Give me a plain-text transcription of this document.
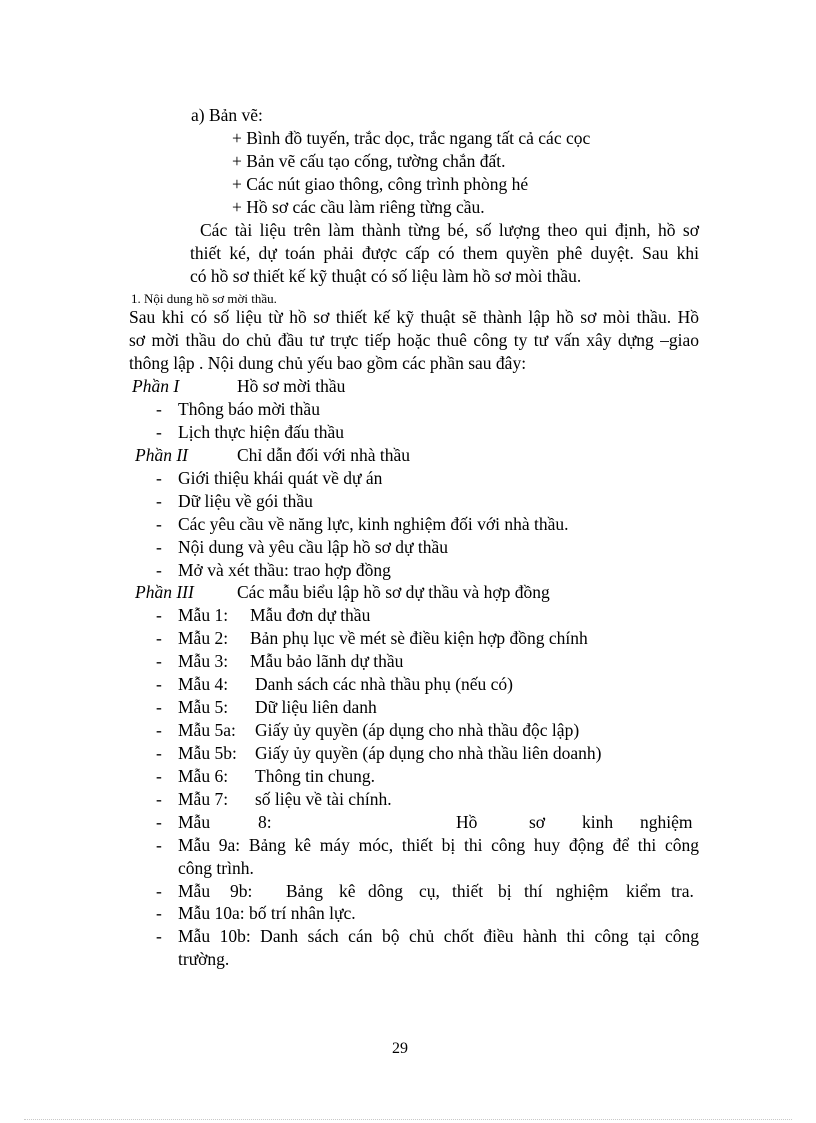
a) Bản vẽ:
+ Bình đồ tuyến, trắc dọc, trắc ngang tất cả các cọc
+ Bản vẽ cấu tạo cống, tường chắn đất.
+ Các nút giao thông, công trình phòng hé
+ Hồ sơ các cầu làm riêng từng cầu.
Các tài liệu trên làm thành từng bé, số lượng theo qui định, hồ sơ
thiết ké, dự toán phải được cấp có them quyền phê duyệt. Sau khi
có hồ sơ thiết kế kỹ thuật có số liệu làm hồ sơ mòi thầu.
1. Nội dung hồ sơ mời thầu.
Sau khi có số liệu từ hồ sơ thiết kế kỹ thuật sẽ thành lập hồ sơ mòi thầu. Hồ
sơ mời thầu do chủ đầu tư trực tiếp hoặc thuê công ty tư vấn xây dựng –giao
thông lập . Nội dung chủ yếu bao gồm các phần sau đây:
Phần I	Hồ sơ mời thầu
- Thông báo mời thầu
- Lịch thực hiện đấu thầu
Phần II	Chỉ dẫn đối với nhà thầu
- Giới thiệu khái quát về dự án
- Dữ liệu về gói thầu
- Các yêu cầu về năng lực, kinh nghiệm đối với nhà thầu.
- Nội dung và yêu cầu lập hồ sơ dự thầu
- Mở và xét thầu: trao hợp đồng
Phần III Các mẫu biểu lập hồ sơ dự thầu và hợp đồng
- Mẫu 1: Mẫu đơn dự thầu
- Mẫu 2: Bản phụ lục về mét sè điều kiện hợp đồng chính
- Mẫu 3: Mẫu bảo lãnh dự thầu
- Mẫu 4: Danh sách các nhà thầu phụ (nếu có)
- Mẫu 5: Dữ liệu liên danh
- Mẫu 5a: Giấy ủy quyền (áp dụng cho nhà thầu độc lập)
- Mẫu 5b: Giấy ủy quyền (áp dụng cho nhà thầu liên doanh)
- Mẫu 6: Thông tin chung.
- Mẫu 7: số liệu về tài chính.
- Mẫu	8:	Hồ	sơ kinh nghiệm
- Mẫu 9a: Bảng kê máy móc, thiết bị thi công huy động để thi công
công trình.
- Mẫu 9b: Bảng kê dông cụ, thiết bị thí nghiệm kiểm tra.
- Mẫu 10a: bố trí nhân lực.
- Mẫu 10b: Danh sách cán bộ chủ chốt điều hành thi công tại công
trường.
29
